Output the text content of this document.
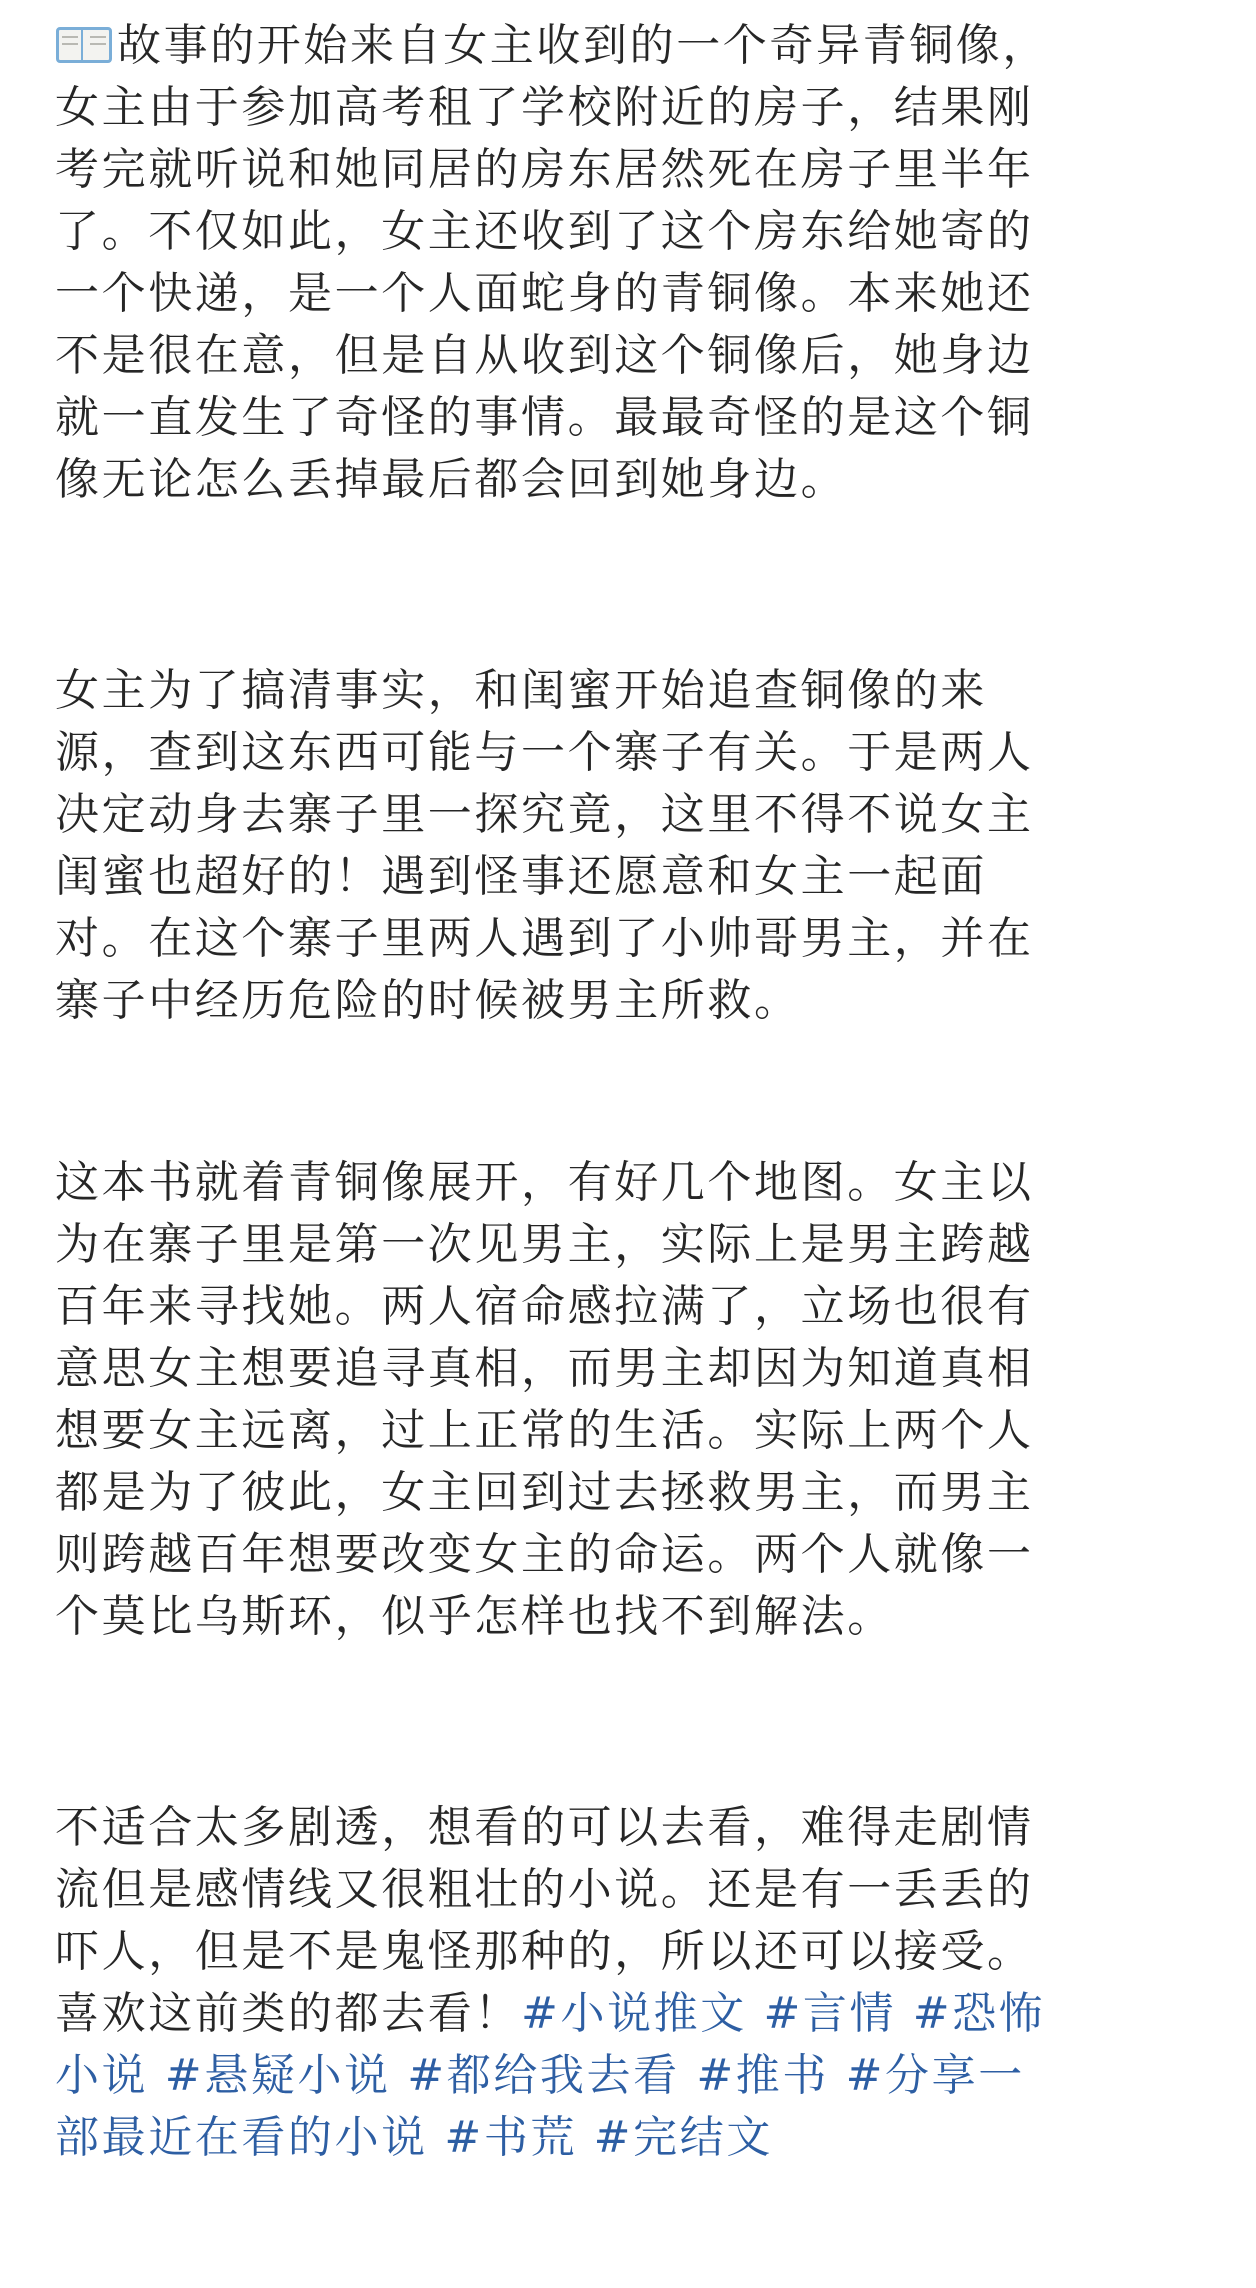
故事的开始来自女主收到的一个奇异青铜像，
女主由于参加高考租了学校附近的房子，结果刚
考完就听说和她同居的房东居然死在房子里半年
了。不仅如此，女主还收到了这个房东给她寄的
一个快递，是一个人面蛇身的青铜像。本来她还
不是很在意，但是自从收到这个铜像后，她身边
就一直发生了奇怪的事情。最最奇怪的是这个铜
像无论怎么丢掉最后都会回到她身边。
女主为了搞清事实，和闺蜜开始追查铜像的来
源，查到这东西可能与一个寨子有关。于是两人
决定动身去寨子里一探究竟，这里不得不说女主
闺蜜也超好的！遇到怪事还愿意和女主一起面
对。在这个寨子里两人遇到了小帅哥男主，并在
寨子中经历危险的时候被男主所救。
这本书就着青铜像展开，有好几个地图。女主以
为在寨子里是第一次见男主，实际上是男主跨越
百年来寻找她。两人宿命感拉满了，立场也很有
意思女主想要追寻真相，而男主却因为知道真相
想要女主远离，过上正常的生活。实际上两个人
都是为了彼此，女主回到过去拯救男主，而男主
则跨越百年想要改变女主的命运。两个人就像一
个莫比乌斯环，似乎怎样也找不到解法。
不适合太多剧透，想看的可以去看，难得走剧情
流但是感情线又很粗壮的小说。还是有一丢丢的
吓人，但是不是鬼怪那种的，所以还可以接受。
喜欢这前类的都去看！#小说推文 #言情 #恐怖
小说 #悬疑小说 #都给我去看 #推书 #分享一
部最近在看的小说 #书荒 #完结文
